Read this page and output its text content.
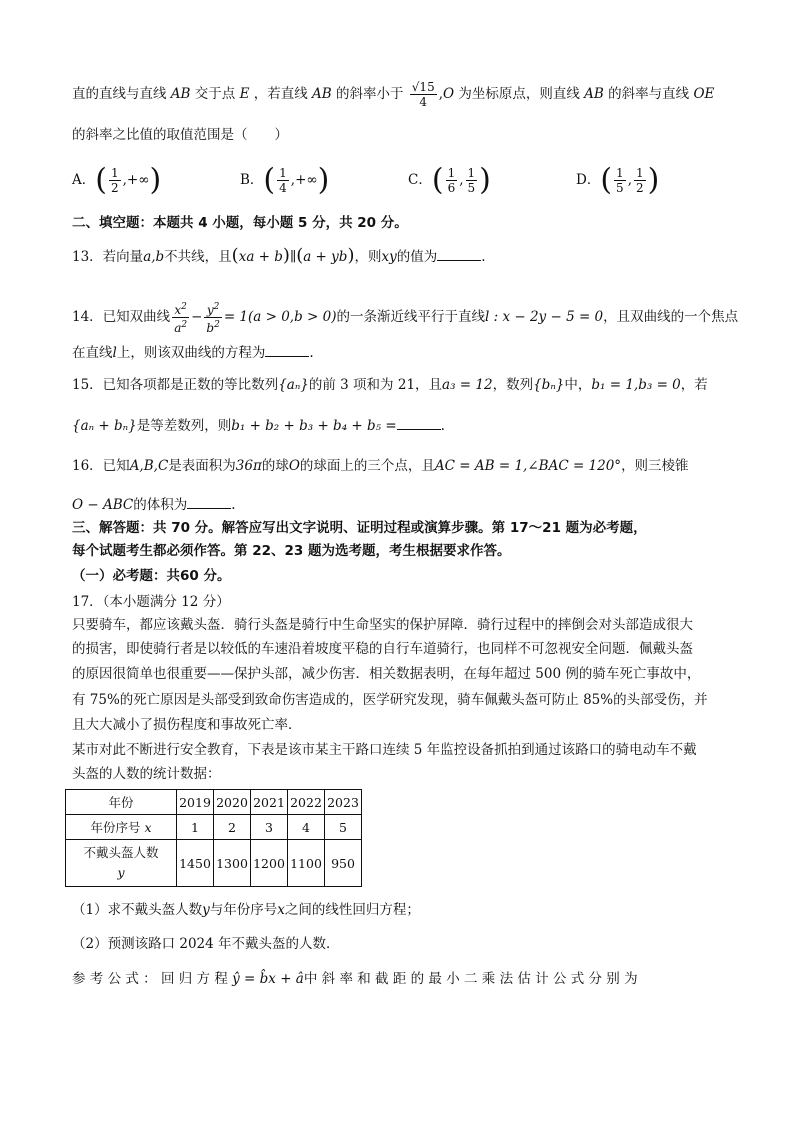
直的直线与直线 AB 交于点 E ，若直线 AB 的斜率小于 $\frac{√15}{4} ,O$ 为坐标原点，则直线 AB 的斜率与直线 OE
的斜率之比值的取值范围是（　　）
A．( $\frac{1}{2}$ ,+∞)	B．( $\frac{1}{4}$ ,+∞)	C．( $\frac{1}{6}$ , $\frac{1}{5}$ )	D．( $\frac{1}{5}$ , $\frac{1}{2}$ )
二、填空题：本题共 4 小题，每小题 5 分，共 20 分。
13．若向量a,b不共线，且(xa + b)∥(a + yb)，则xy的值为	.
14．已知双曲线 $\frac{x^2}{a^2} - \frac{y^2}{b^2} = 1(a > 0,b > 0)$的一条渐近线平行于直线l : x − 2y − 5 = 0，且双曲线的一个焦点
在直线l上，则该双曲线的方程为	.
15．已知各项都是正数的等比数列{aₙ}的前 3 项和为 21，且a₃ = 12，数列{bₙ}中，b₁ = 1,b₃ = 0，若
{aₙ + bₙ}是等差数列，则b₁ + b₂ + b₃ + b₄ + b₅ =	.
16．已知A,B,C是表面积为36π的球O的球面上的三个点，且AC = AB = 1,∠BAC = 120°，则三棱锥
O − ABC的体积为	.
三、解答题：共 70 分。解答应写出文字说明、证明过程或演算步骤。第 17～21 题为必考题，
每个试题考生都必须作答。第 22、23 题为选考题，考生根据要求作答。
（一）必考题：共60 分。
17．（本小题满分 12 分）
只要骑车，都应该戴头盔．骑行头盔是骑行中生命坚实的保护屏障．骑行过程中的摔倒会对头部造成很大
的损害，即使骑行者是以较低的车速沿着坡度平稳的自行车道骑行，也同样不可忽视安全问题．佩戴头盔
的原因很简单也很重要——保护头部，减少伤害．相关数据表明，在每年超过 500 例的骑车死亡事故中，
有 75%的死亡原因是头部受到致命伤害造成的，医学研究发现，骑车佩戴头盔可防止 85%的头部受伤，并
且大大减小了损伤程度和事故死亡率．
某市对此不断进行安全教育，下表是该市某主干路口连续 5 年监控设备抓拍到通过该路口的骑电动车不戴
头盔的人数的统计数据：
年份	2019	2020	2021	2022	2023
年份序号 x	1	2	3	4	5
不戴头盔人数
y	1450	1300	1200	1100	950
（1）求不戴头盔人数y与年份序号x之间的线性回归方程；
（2）预测该路口 2024 年不戴头盔的人数．
参 考 公 式 ： 回 归 方 程 ŷ = b̂x + â中 斜 率 和 截 距 的 最 小 二 乘 法 估 计 公 式 分 别 为
